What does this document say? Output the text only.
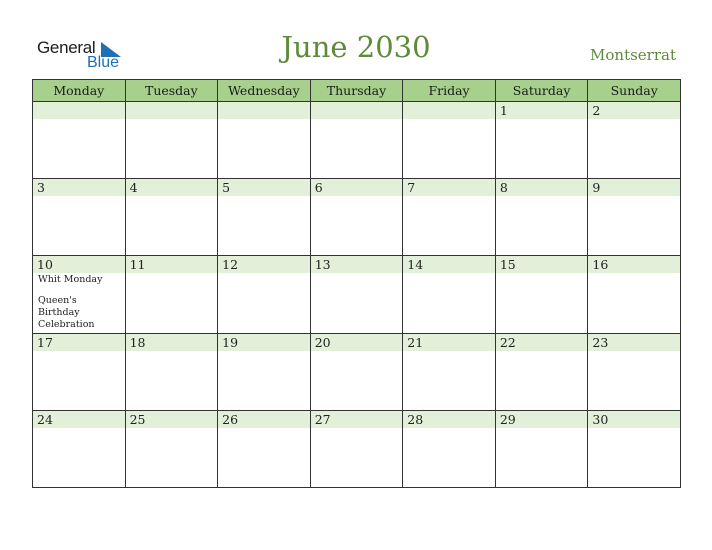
General
Blue	June 2030	Montserrat
Monday	Tuesday	Wednesday	Thursday	Friday	Saturday	Sunday

					1	2

3	4	5	6	7	8	9

10
Whit Monday
Queen's Birthday Celebration	11	12	13	14	15	16

17	18	19	20	21	22	23

24	25	26	27	28	29	30
